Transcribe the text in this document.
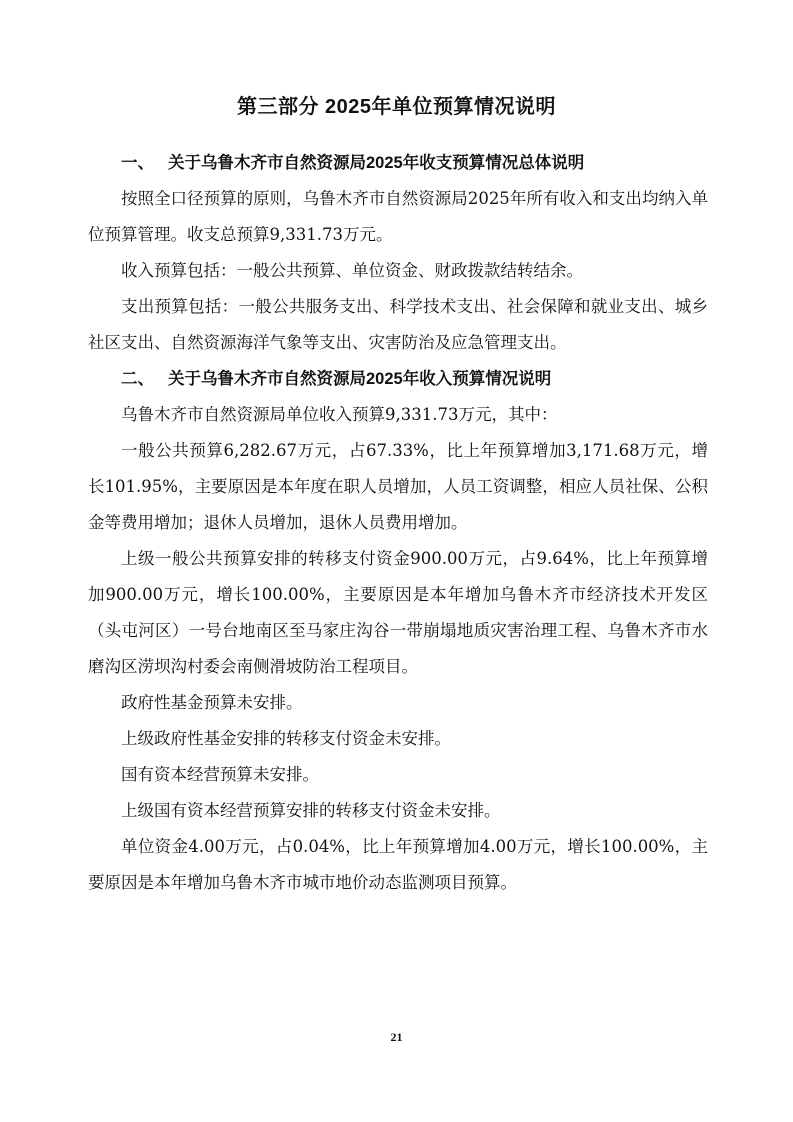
第三部分 2025年单位预算情况说明
一、 关于乌鲁木齐市自然资源局2025年收支预算情况总体说明

按照全口径预算的原则，乌鲁木齐市自然资源局2025年所有收入和支出均纳入单位预算管理。收支总预算9,331.73万元。

收入预算包括：一般公共预算、单位资金、财政拨款结转结余。

支出预算包括：一般公共服务支出、科学技术支出、社会保障和就业支出、城乡社区支出、自然资源海洋气象等支出、灾害防治及应急管理支出。

二、 关于乌鲁木齐市自然资源局2025年收入预算情况说明

乌鲁木齐市自然资源局单位收入预算9,331.73万元，其中：

一般公共预算6,282.67万元，占67.33%，比上年预算增加3,171.68万元，增长101.95%，主要原因是本年度在职人员增加，人员工资调整，相应人员社保、公积金等费用增加；退休人员增加，退休人员费用增加。

上级一般公共预算安排的转移支付资金900.00万元，占9.64%，比上年预算增加900.00万元，增长100.00%，主要原因是本年增加乌鲁木齐市经济技术开发区（头屯河区）一号台地南区至马家庄沟谷一带崩塌地质灾害治理工程、乌鲁木齐市水磨沟区涝坝沟村委会南侧滑坡防治工程项目。

政府性基金预算未安排。

上级政府性基金安排的转移支付资金未安排。

国有资本经营预算未安排。

上级国有资本经营预算安排的转移支付资金未安排。

单位资金4.00万元，占0.04%，比上年预算增加4.00万元，增长100.00%，主要原因是本年增加乌鲁木齐市城市地价动态监测项目预算。

21
